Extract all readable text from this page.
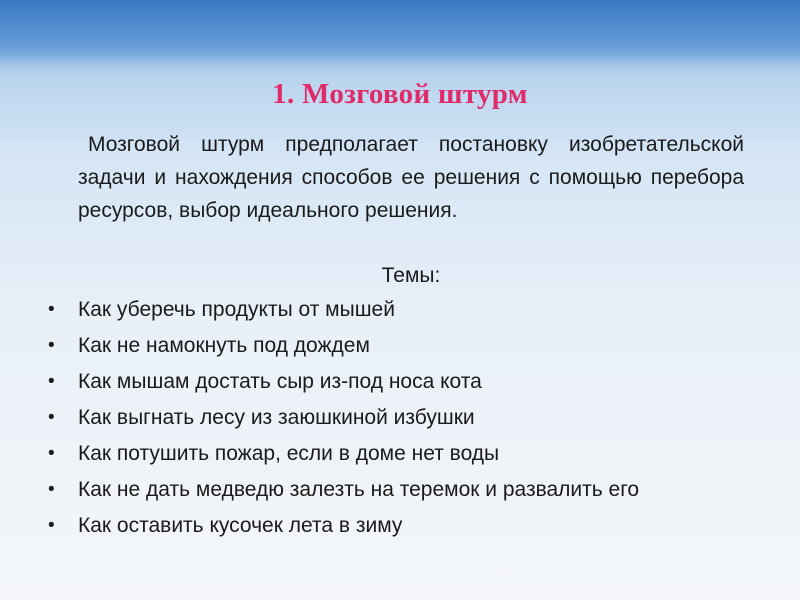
1. Мозговой штурм

Мозговой штурм предполагает постановку изобретательской задачи и нахождения способов ее решения с помощью перебора ресурсов, выбор идеального решения.

Темы:

• Как уберечь продукты от мышей
• Как не намокнуть под дождем
• Как мышам достать сыр из-под носа кота
• Как выгнать лесу из заюшкиной избушки
• Как потушить пожар, если в доме нет воды
• Как не дать медведю залезть на теремок и развалить его
• Как оставить кусочек лета в зиму
